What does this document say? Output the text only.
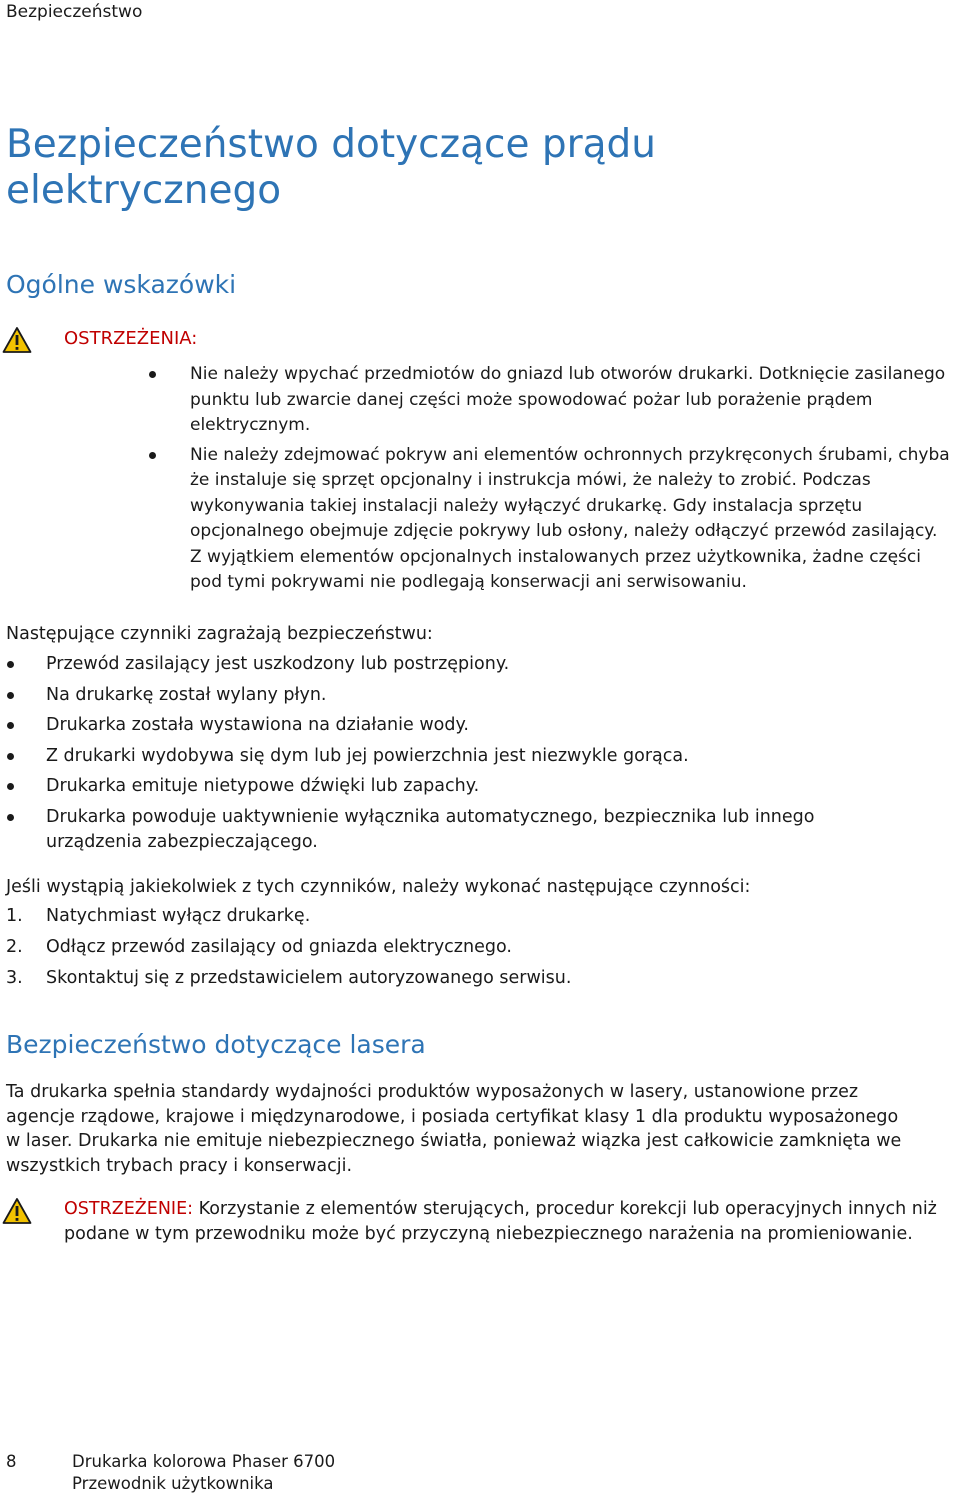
Bezpieczeństwo
Bezpieczeństwo dotyczące prądu elektrycznego
Ogólne wskazówki
OSTRZEŻENIA:
Nie należy wpychać przedmiotów do gniazd lub otworów drukarki. Dotknięcie zasilanego punktu lub zwarcie danej części może spowodować pożar lub porażenie prądem elektrycznym.
Nie należy zdejmować pokryw ani elementów ochronnych przykręconych śrubami, chyba że instaluje się sprzęt opcjonalny i instrukcja mówi, że należy to zrobić. Podczas wykonywania takiej instalacji należy wyłączyć drukarkę. Gdy instalacja sprzętu opcjonalnego obejmuje zdjęcie pokrywy lub osłony, należy odłączyć przewód zasilający. Z wyjątkiem elementów opcjonalnych instalowanych przez użytkownika, żadne części pod tymi pokrywami nie podlegają konserwacji ani serwisowaniu.
Następujące czynniki zagrażają bezpieczeństwu:
Przewód zasilający jest uszkodzony lub postrzępiony.
Na drukarkę został wylany płyn.
Drukarka została wystawiona na działanie wody.
Z drukarki wydobywa się dym lub jej powierzchnia jest niezwykle gorąca.
Drukarka emituje nietypowe dźwięki lub zapachy.
Drukarka powoduje uaktywnienie wyłącznika automatycznego, bezpiecznika lub innego urządzenia zabezpieczającego.
Jeśli wystąpią jakiekolwiek z tych czynników, należy wykonać następujące czynności:
1.	Natychmiast wyłącz drukarkę.
2.	Odłącz przewód zasilający od gniazda elektrycznego.
3.	Skontaktuj się z przedstawicielem autoryzowanego serwisu.
Bezpieczeństwo dotyczące lasera

Ta drukarka spełnia standardy wydajności produktów wyposażonych w lasery, ustanowione przez agencje rządowe, krajowe i międzynarodowe, i posiada certyfikat klasy 1 dla produktu wyposażonego w laser. Drukarka nie emituje niebezpiecznego światła, ponieważ wiązka jest całkowicie zamknięta we wszystkich trybach pracy i konserwacji.

OSTRZEŻENIE: Korzystanie z elementów sterujących, procedur korekcji lub operacyjnych innych niż podane w tym przewodniku może być przyczyną niebezpiecznego narażenia na promieniowanie.

8	Drukarka kolorowa Phaser 6700
Przewodnik użytkownika
